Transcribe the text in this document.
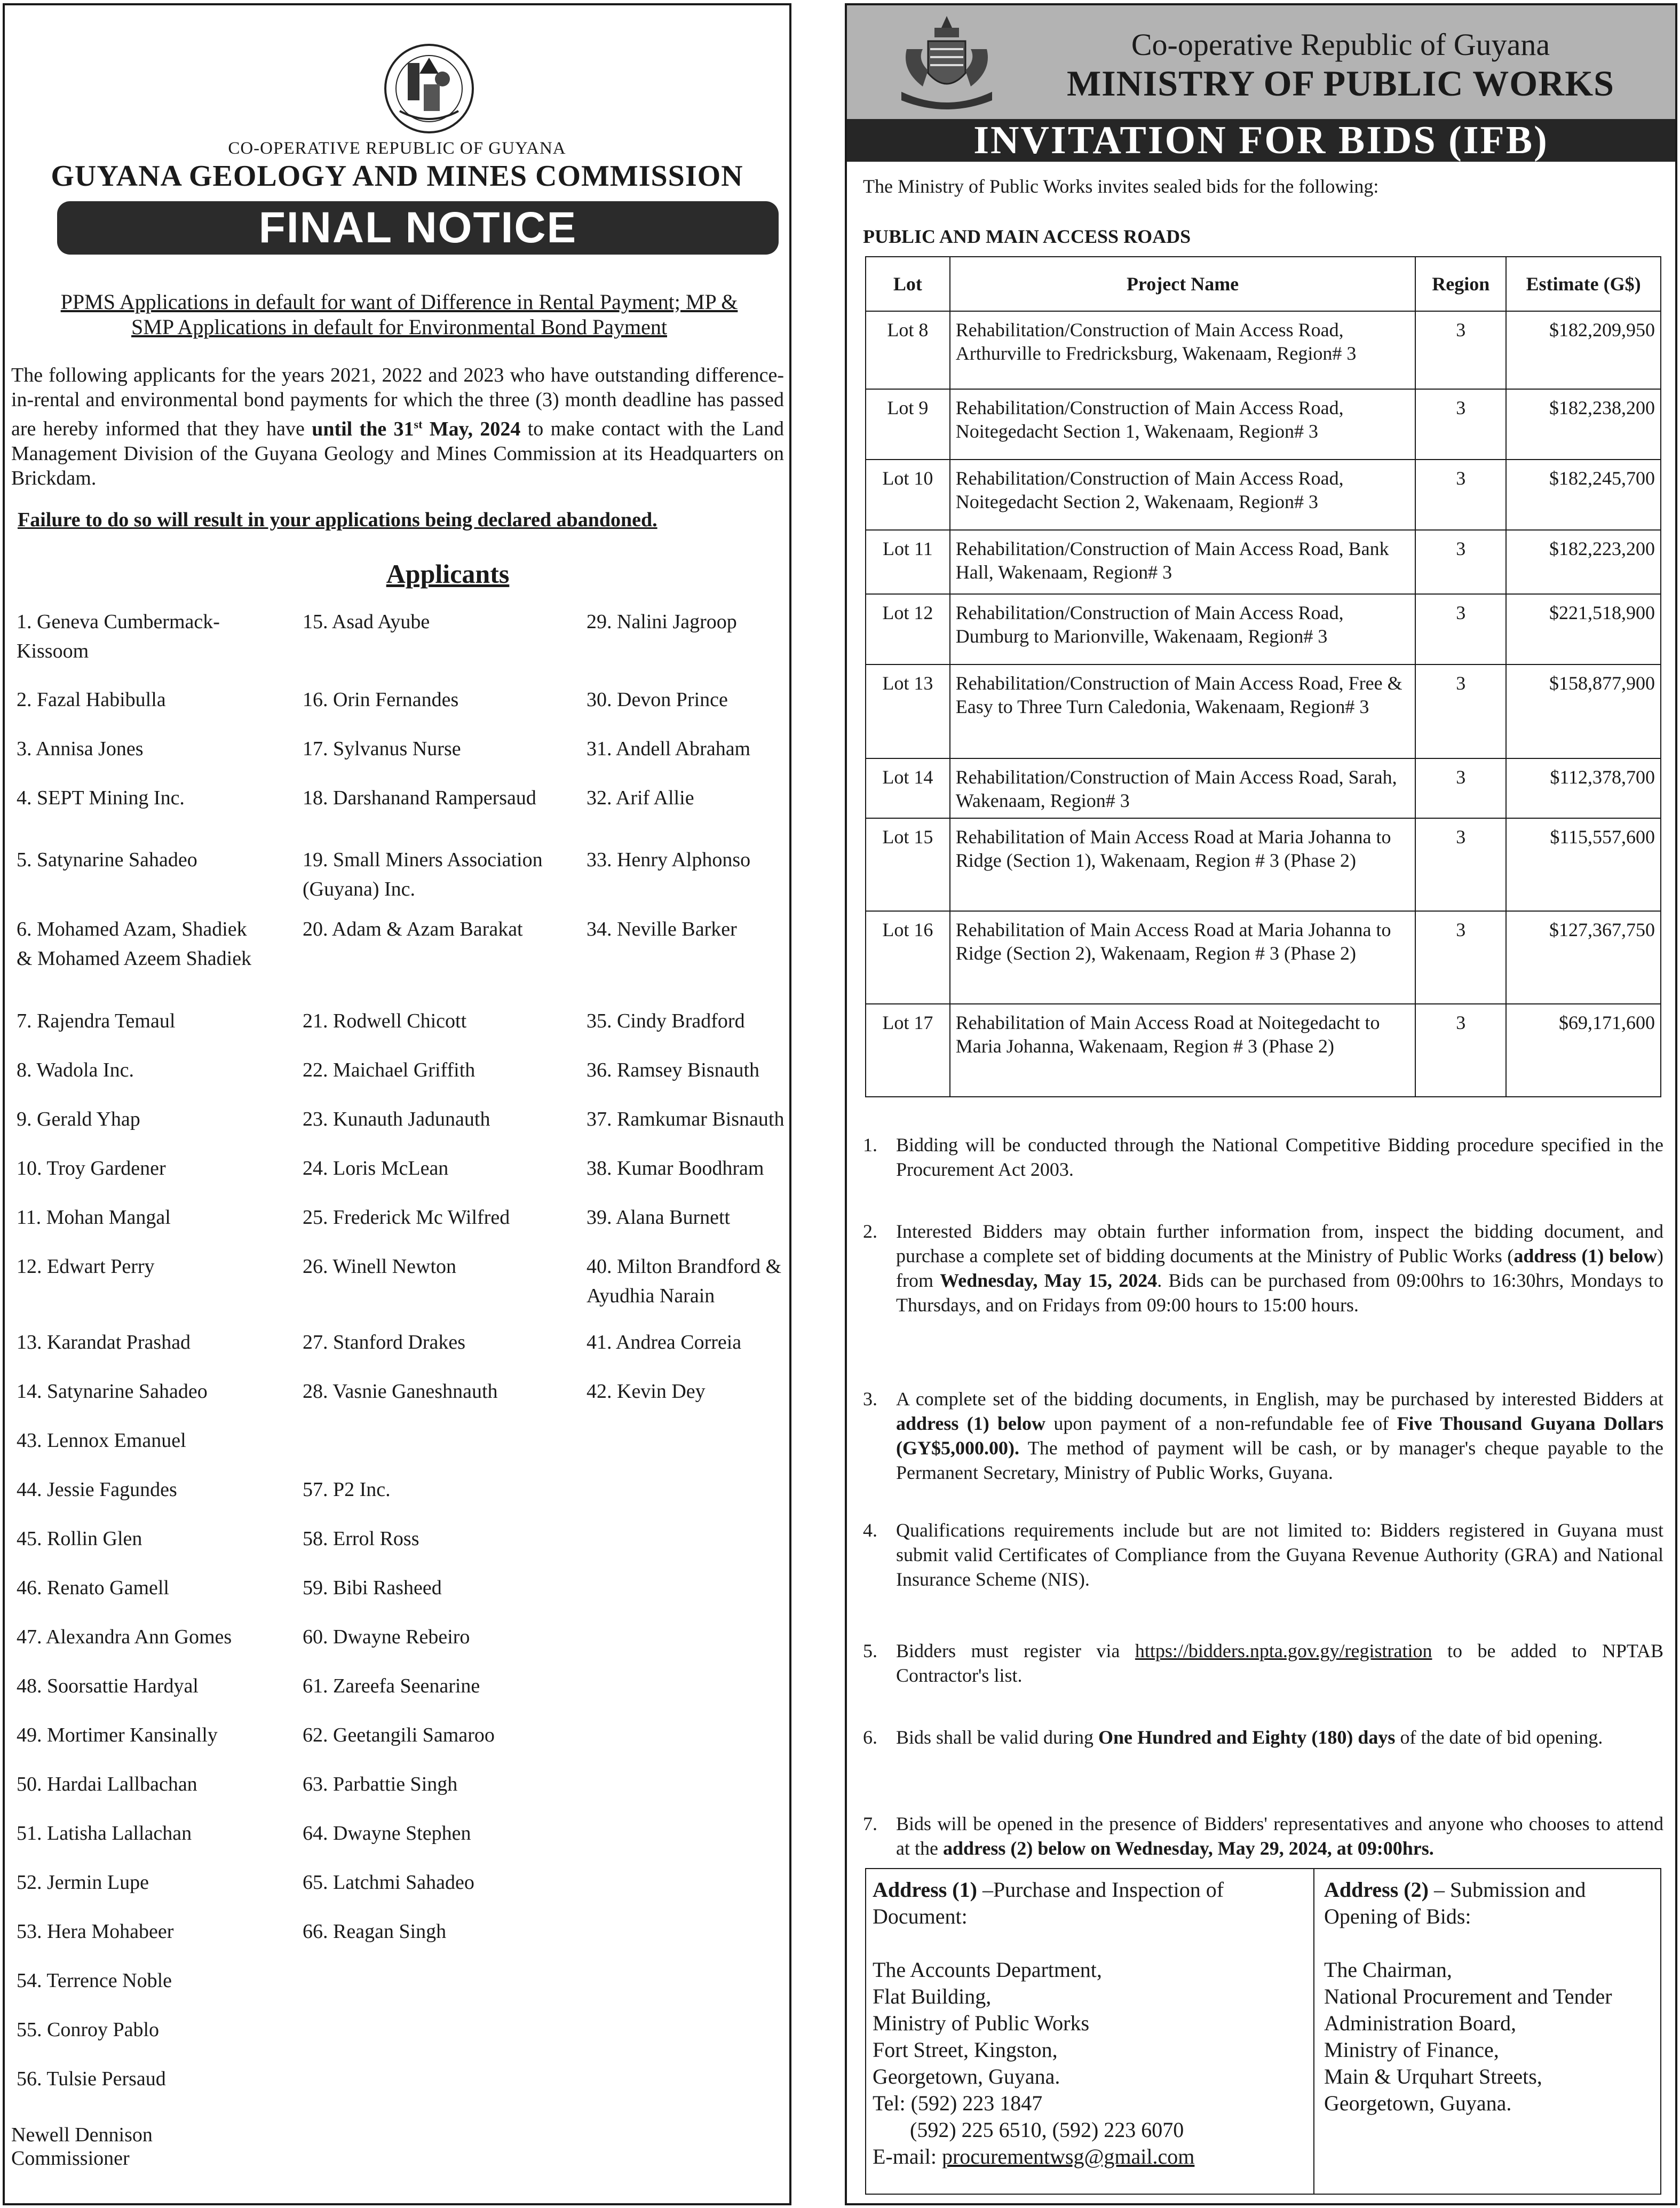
CO-OPERATIVE REPUBLIC OF GUYANA
GUYANA GEOLOGY AND MINES COMMISSION
FINAL NOTICE
PPMS Applications in default for want of Difference in Rental Payment; MP &
SMP Applications in default for Environmental Bond Payment
The following applicants for the years 2021, 2022 and 2023 who have outstanding difference-in-rental and environmental bond payments for which the three (3) month deadline has passed are hereby informed that they have until the 31st May, 2024 to make contact with the Land Management Division of the Guyana Geology and Mines Commission at its Headquarters on Brickdam.
Failure to do so will result in your applications being declared abandoned.
Applicants
1. Geneva Cumbermack-Kissoom
2. Fazal Habibulla
3. Annisa Jones
4. SEPT Mining Inc.
5. Satynarine Sahadeo
6. Mohamed Azam, Shadiek & Mohamed Azeem Shadiek
7. Rajendra Temaul
8. Wadola Inc.
9. Gerald Yhap
10. Troy Gardener
11. Mohan Mangal
12. Edwart Perry
13. Karandat Prashad
14. Satynarine Sahadeo
15. Asad Ayube
16. Orin Fernandes
17. Sylvanus Nurse
18. Darshanand Rampersaud
19. Small Miners Association (Guyana) Inc.
20. Adam & Azam Barakat
21. Rodwell Chicott
22. Maichael Griffith
23. Kunauth Jadunauth
24. Loris McLean
25. Frederick Mc Wilfred
26. Winell Newton
27. Stanford Drakes
28. Vasnie Ganeshnauth
29. Nalini Jagroop
30. Devon Prince
31. Andell Abraham
32. Arif Allie
33. Henry Alphonso
34. Neville Barker
35. Cindy Bradford
36. Ramsey Bisnauth
37. Ramkumar Bisnauth
38. Kumar Boodhram
39. Alana Burnett
40. Milton Brandford & Ayudhia Narain
41. Andrea Correia
42. Kevin Dey
43. Lennox Emanuel
44. Jessie Fagundes
45. Rollin Glen
46. Renato Gamell
47. Alexandra Ann Gomes
48. Soorsattie Hardyal
49. Mortimer Kansinally
50. Hardai Lallbachan
51. Latisha Lallachan
52. Jermin Lupe
53. Hera Mohabeer
54. Terrence Noble
55. Conroy Pablo
56. Tulsie Persaud
57. P2 Inc.
58. Errol Ross
59. Bibi Rasheed
60. Dwayne Rebeiro
61. Zareefa Seenarine
62. Geetangili Samaroo
63. Parbattie Singh
64. Dwayne Stephen
65. Latchmi Sahadeo
66. Reagan Singh
Newell Dennison
Commissioner
Co-operative Republic of Guyana
MINISTRY OF PUBLIC WORKS
INVITATION FOR BIDS (IFB)
The Ministry of Public Works invites sealed bids for the following:
PUBLIC AND MAIN ACCESS ROADS
Lot	Project Name	Region	Estimate (G$)
Lot 8	Rehabilitation/Construction of Main Access Road, Arthurville to Fredricksburg, Wakenaam, Region# 3	3	$182,209,950
Lot 9	Rehabilitation/Construction of Main Access Road, Noitegedacht Section 1, Wakenaam, Region# 3	3	$182,238,200
Lot 10	Rehabilitation/Construction of Main Access Road, Noitegedacht Section 2, Wakenaam, Region# 3	3	$182,245,700
Lot 11	Rehabilitation/Construction of Main Access Road, Bank Hall, Wakenaam, Region# 3	3	$182,223,200
Lot 12	Rehabilitation/Construction of Main Access Road, Dumburg to Marionville, Wakenaam, Region# 3	3	$221,518,900
Lot 13	Rehabilitation/Construction of Main Access Road, Free & Easy to Three Turn Caledonia, Wakenaam, Region# 3	3	$158,877,900
Lot 14	Rehabilitation/Construction of Main Access Road, Sarah, Wakenaam, Region# 3	3	$112,378,700
Lot 15	Rehabilitation of Main Access Road at Maria Johanna to Ridge (Section 1), Wakenaam, Region # 3 (Phase 2)	3	$115,557,600
Lot 16	Rehabilitation of Main Access Road at Maria Johanna to Ridge (Section 2), Wakenaam, Region # 3 (Phase 2)	3	$127,367,750
Lot 17	Rehabilitation of Main Access Road at Noitegedacht to Maria Johanna, Wakenaam, Region # 3 (Phase 2)	3	$69,171,600
1. Bidding will be conducted through the National Competitive Bidding procedure specified in the Procurement Act 2003.
2. Interested Bidders may obtain further information from, inspect the bidding document, and purchase a complete set of bidding documents at the Ministry of Public Works (address (1) below) from Wednesday, May 15, 2024. Bids can be purchased from 09:00hrs to 16:30hrs, Mondays to Thursdays, and on Fridays from 09:00 hours to 15:00 hours.
3. A complete set of the bidding documents, in English, may be purchased by interested Bidders at address (1) below upon payment of a non-refundable fee of Five Thousand Guyana Dollars (GY$5,000.00). The method of payment will be cash, or by manager's cheque payable to the Permanent Secretary, Ministry of Public Works, Guyana.
4. Qualifications requirements include but are not limited to: Bidders registered in Guyana must submit valid Certificates of Compliance from the Guyana Revenue Authority (GRA) and National Insurance Scheme (NIS).
5. Bidders must register via https://bidders.npta.gov.gy/registration to be added to NPTAB Contractor's list.
6. Bids shall be valid during One Hundred and Eighty (180) days of the date of bid opening.
7. Bids will be opened in the presence of Bidders' representatives and anyone who chooses to attend at the address (2) below on Wednesday, May 29, 2024, at 09:00hrs.
Address (1) –Purchase and Inspection of Document:
The Accounts Department,
Flat Building,
Ministry of Public Works
Fort Street, Kingston,
Georgetown, Guyana.
Tel: (592) 223 1847
(592) 225 6510, (592) 223 6070
E-mail: procurementwsg@gmail.com
Address (2) – Submission and Opening of Bids:
The Chairman,
National Procurement and Tender
Administration Board,
Ministry of Finance,
Main & Urquhart Streets,
Georgetown, Guyana.
